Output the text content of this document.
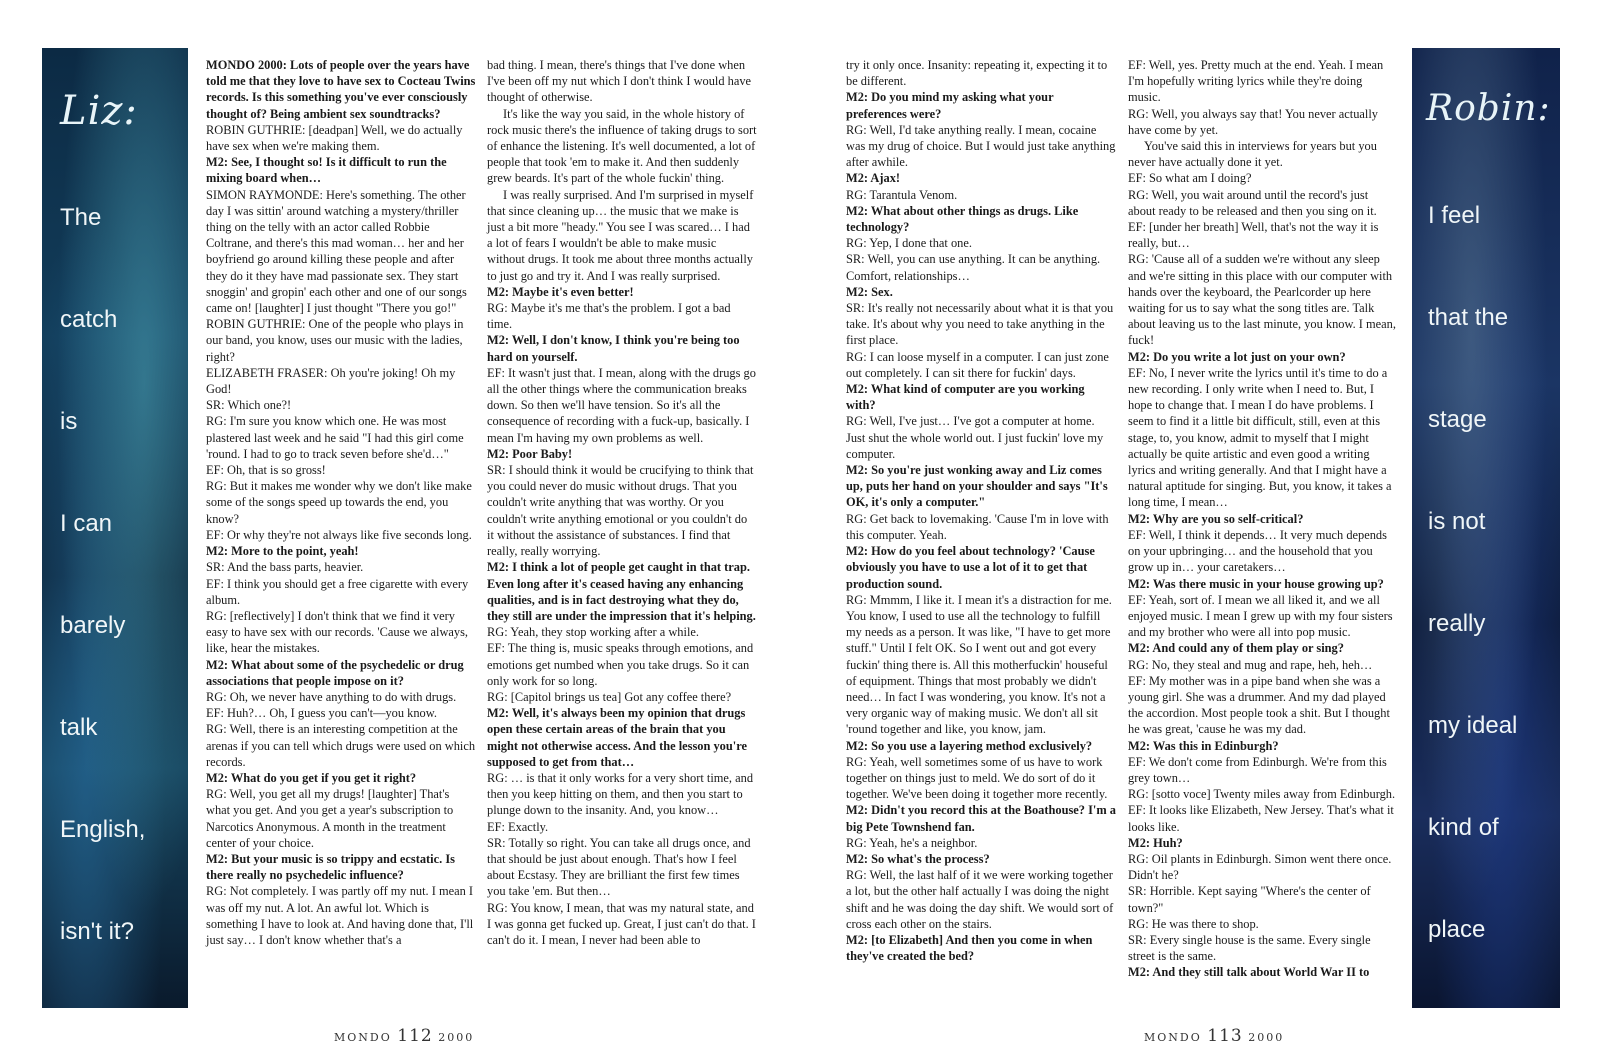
Liz:
The
catch
is
I can
barely
talk
English,
isn't it?
Robin:
I feel
that the
stage
is not
really
my ideal
kind of
place

MONDO 2000: Lots of people over the years have told me that they love to have sex to Cocteau Twins records. Is this something you've ever consciously thought of? Being ambient sex soundtracks?

ROBIN GUTHRIE: [deadpan] Well, we do actually have sex when we're making them.

M2: See, I thought so! Is it difficult to run the mixing board when…

SIMON RAYMONDE: Here's something. The other day I was sittin' around watching a mystery/thriller thing on the telly with an actor called Robbie Coltrane, and there's this mad woman… her and her boyfriend go around killing these people and after they do it they have mad passionate sex. They start snoggin' and gropin' each other and one of our songs came on! [laughter] I just thought "There you go!"

ROBIN GUTHRIE: One of the people who plays in our band, you know, uses our music with the ladies, right?

ELIZABETH FRASER: Oh you're joking! Oh my God!

SR: Which one?!

RG: I'm sure you know which one. He was most plastered last week and he said "I had this girl come 'round. I had to go to track seven before she'd…"

EF: Oh, that is so gross!

RG: But it makes me wonder why we don't like make some of the songs speed up towards the end, you know?

EF: Or why they're not always like five seconds long.

M2: More to the point, yeah!

SR: And the bass parts, heavier.

EF: I think you should get a free cigarette with every album.

RG: [reflectively] I don't think that we find it very easy to have sex with our records. 'Cause we always, like, hear the mistakes.

M2: What about some of the psychedelic or drug associations that people impose on it?

RG: Oh, we never have anything to do with drugs.

EF: Huh?… Oh, I guess you can't—you know.

RG: Well, there is an interesting competition at the arenas if you can tell which drugs were used on which records.

M2: What do you get if you get it right?

RG: Well, you get all my drugs! [laughter] That's what you get. And you get a year's subscription to Narcotics Anonymous. A month in the treatment center of your choice.

M2: But your music is so trippy and ecstatic. Is there really no psychedelic influence?

RG: Not completely. I was partly off my nut. I mean I was off my nut. A lot. An awful lot. Which is something I have to look at. And having done that, I'll just say… I don't know whether that's a

bad thing. I mean, there's things that I've done when I've been off my nut which I don't think I would have thought of otherwise.

It's like the way you said, in the whole history of rock music there's the influence of taking drugs to sort of enhance the listening. It's well documented, a lot of people that took 'em to make it. And then suddenly grew beards. It's part of the whole fuckin' thing.

I was really surprised. And I'm surprised in myself that since cleaning up… the music that we make is just a bit more "heady." You see I was scared… I had a lot of fears I wouldn't be able to make music without drugs. It took me about three months actually to just go and try it. And I was really surprised.

M2: Maybe it's even better!

RG: Maybe it's me that's the problem. I got a bad time.

M2: Well, I don't know, I think you're being too hard on yourself.

EF: It wasn't just that. I mean, along with the drugs go all the other things where the communication breaks down. So then we'll have tension. So it's all the consequence of recording with a fuck-up, basically. I mean I'm having my own problems as well.

M2: Poor Baby!

SR: I should think it would be crucifying to think that you could never do music without drugs. That you couldn't write anything that was worthy. Or you couldn't write anything emotional or you couldn't do it without the assistance of substances. I find that really, really worrying.

M2: I think a lot of people get caught in that trap. Even long after it's ceased having any enhancing qualities, and is in fact destroying what they do, they still are under the impression that it's helping.

RG: Yeah, they stop working after a while.

EF: The thing is, music speaks through emotions, and emotions get numbed when you take drugs. So it can only work for so long.

RG: [Capitol brings us tea] Got any coffee there?

M2: Well, it's always been my opinion that drugs open these certain areas of the brain that you might not otherwise access. And the lesson you're supposed to get from that…

RG: … is that it only works for a very short time, and then you keep hitting on them, and then you start to plunge down to the insanity. And, you know…

EF: Exactly.

SR: Totally so right. You can take all drugs once, and that should be just about enough. That's how I feel about Ecstasy. They are brilliant the first few times you take 'em. But then…

RG: You know, I mean, that was my natural state, and I was gonna get fucked up. Great, I just can't do that. I can't do it. I mean, I never had been able to

try it only once. Insanity: repeating it, expecting it to be different.

M2: Do you mind my asking what your preferences were?

RG: Well, I'd take anything really. I mean, cocaine was my drug of choice. But I would just take anything after awhile.

M2: Ajax!

RG: Tarantula Venom.

M2: What about other things as drugs. Like technology?

RG: Yep, I done that one.

SR: Well, you can use anything. It can be anything. Comfort, relationships…

M2: Sex.

SR: It's really not necessarily about what it is that you take. It's about why you need to take anything in the first place.

RG: I can loose myself in a computer. I can just zone out completely. I can sit there for fuckin' days.

M2: What kind of computer are you working with?

RG: Well, I've just… I've got a computer at home. Just shut the whole world out. I just fuckin' love my computer.

M2: So you're just wonking away and Liz comes up, puts her hand on your shoulder and says "It's OK, it's only a computer."

RG: Get back to lovemaking. 'Cause I'm in love with this computer. Yeah.

M2: How do you feel about technology? 'Cause obviously you have to use a lot of it to get that production sound.

RG: Mmmm, I like it. I mean it's a distraction for me. You know, I used to use all the technology to fulfill my needs as a person. It was like, "I have to get more stuff." Until I felt OK. So I went out and got every fuckin' thing there is. All this motherfuckin' houseful of equipment. Things that most probably we didn't need… In fact I was wondering, you know. It's not a very organic way of making music. We don't all sit 'round together and like, you know, jam.

M2: So you use a layering method exclusively?

RG: Yeah, well sometimes some of us have to work together on things just to meld. We do sort of do it together. We've been doing it together more recently.

M2: Didn't you record this at the Boathouse? I'm a big Pete Townshend fan.

RG: Yeah, he's a neighbor.

M2: So what's the process?

RG: Well, the last half of it we were working together a lot, but the other half actually I was doing the night shift and he was doing the day shift. We would sort of cross each other on the stairs.

M2: [to Elizabeth] And then you come in when they've created the bed?

EF: Well, yes. Pretty much at the end. Yeah. I mean I'm hopefully writing lyrics while they're doing music.

RG: Well, you always say that! You never actually have come by yet.

You've said this in interviews for years but you never have actually done it yet.

EF: So what am I doing?

RG: Well, you wait around until the record's just about ready to be released and then you sing on it.

EF: [under her breath] Well, that's not the way it is really, but…

RG: 'Cause all of a sudden we're without any sleep and we're sitting in this place with our computer with hands over the keyboard, the Pearlcorder up here waiting for us to say what the song titles are. Talk about leaving us to the last minute, you know. I mean, fuck!

M2: Do you write a lot just on your own?

EF: No, I never write the lyrics until it's time to do a new recording. I only write when I need to. But, I hope to change that. I mean I do have problems. I seem to find it a little bit difficult, still, even at this stage, to, you know, admit to myself that I might actually be quite artistic and even good a writing lyrics and writing generally. And that I might have a natural aptitude for singing. But, you know, it takes a long time, I mean…

M2: Why are you so self-critical?

EF: Well, I think it depends… It very much depends on your upbringing… and the household that you grow up in… your caretakers…

M2: Was there music in your house growing up?

EF: Yeah, sort of. I mean we all liked it, and we all enjoyed music. I mean I grew up with my four sisters and my brother who were all into pop music.

M2: And could any of them play or sing?

RG: No, they steal and mug and rape, heh, heh…

EF: My mother was in a pipe band when she was a young girl. She was a drummer. And my dad played the accordion. Most people took a shit. But I thought he was great, 'cause he was my dad.

M2: Was this in Edinburgh?

EF: We don't come from Edinburgh. We're from this grey town…

RG: [sotto voce] Twenty miles away from Edinburgh.

EF: It looks like Elizabeth, New Jersey. That's what it looks like.

M2: Huh?

RG: Oil plants in Edinburgh. Simon went there once. Didn't he?

SR: Horrible. Kept saying "Where's the center of town?"

RG: He was there to shop.

SR: Every single house is the same. Every single street is the same.

M2: And they still talk about World War II to

MONDO 112 2000	MONDO 113 2000
